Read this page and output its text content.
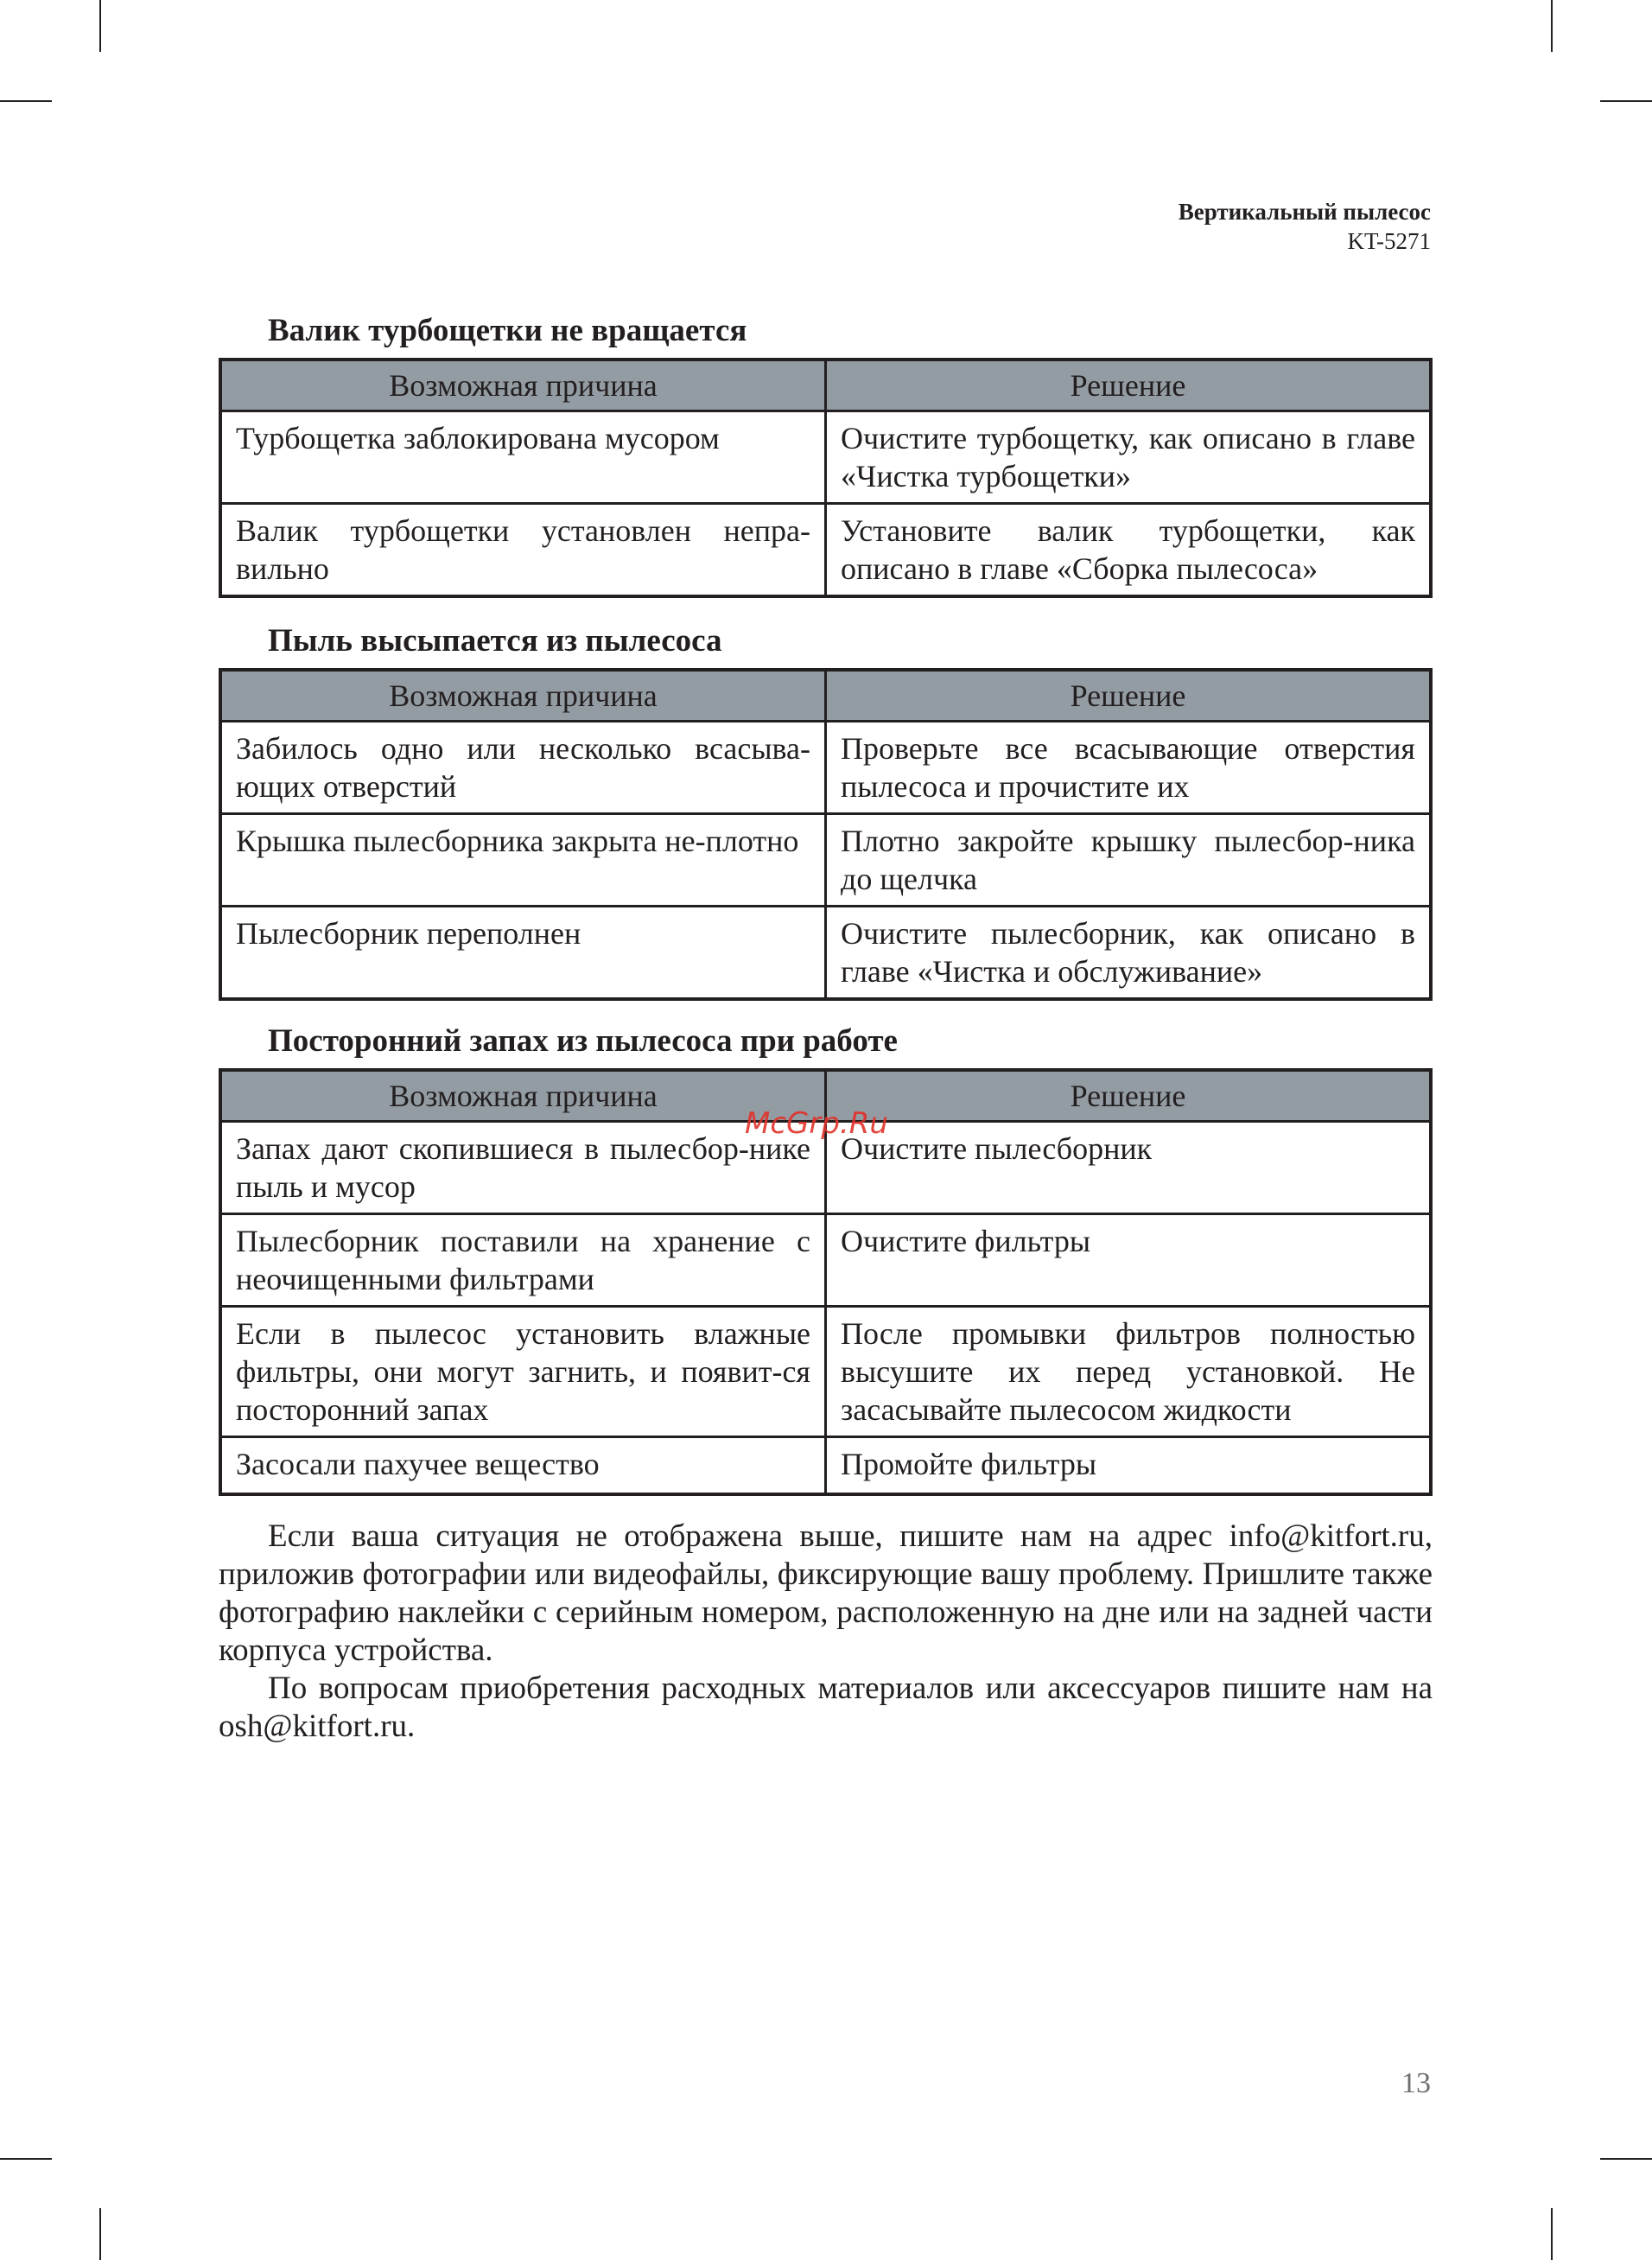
Вертикальный пылесос
KT-5271
Валик турбощетки не вращается
Возможная причина	Решение
Турбощетка заблокирована мусором	Очистите турбощетку, как описано в главе «Чистка турбощетки»
Валик турбощетки установлен непра-вильно	Установите валик турбощетки, как описано в главе «Сборка пылесоса»
Пыль высыпается из пылесоса
Возможная причина	Решение
Забилось одно или несколько всасыва-ющих отверстий	Проверьте все всасывающие отверстия пылесоса и прочистите их
Крышка пылесборника закрыта не-плотно	Плотно закройте крышку пылесбор-ника до щелчка
Пылесборник переполнен	Очистите пылесборник, как описано в главе «Чистка и обслуживание»
Посторонний запах из пылесоса при работе
Возможная причина	Решение
Запах дают скопившиеся в пылесбор-нике пыль и мусор	Очистите пылесборник
Пылесборник поставили на хранение с неочищенными фильтрами	Очистите фильтры
Если в пылесос установить влажные фильтры, они могут загнить, и появит-ся посторонний запах	После промывки фильтров полностью высушите их перед установкой. Не засасывайте пылесосом жидкости
Засосали пахучее вещество	Промойте фильтры

Если ваша ситуация не отображена выше, пишите нам на адрес info@kitfort.ru, приложив фотографии или видеофайлы, фиксирующие вашу проблему. Пришлите также фотографию наклейки с серийным номером, расположенную на дне или на задней части корпуса устройства.

По вопросам приобретения расходных материалов или аксессуаров пишите нам на osh@kitfort.ru.

McGrp.Ru
13
